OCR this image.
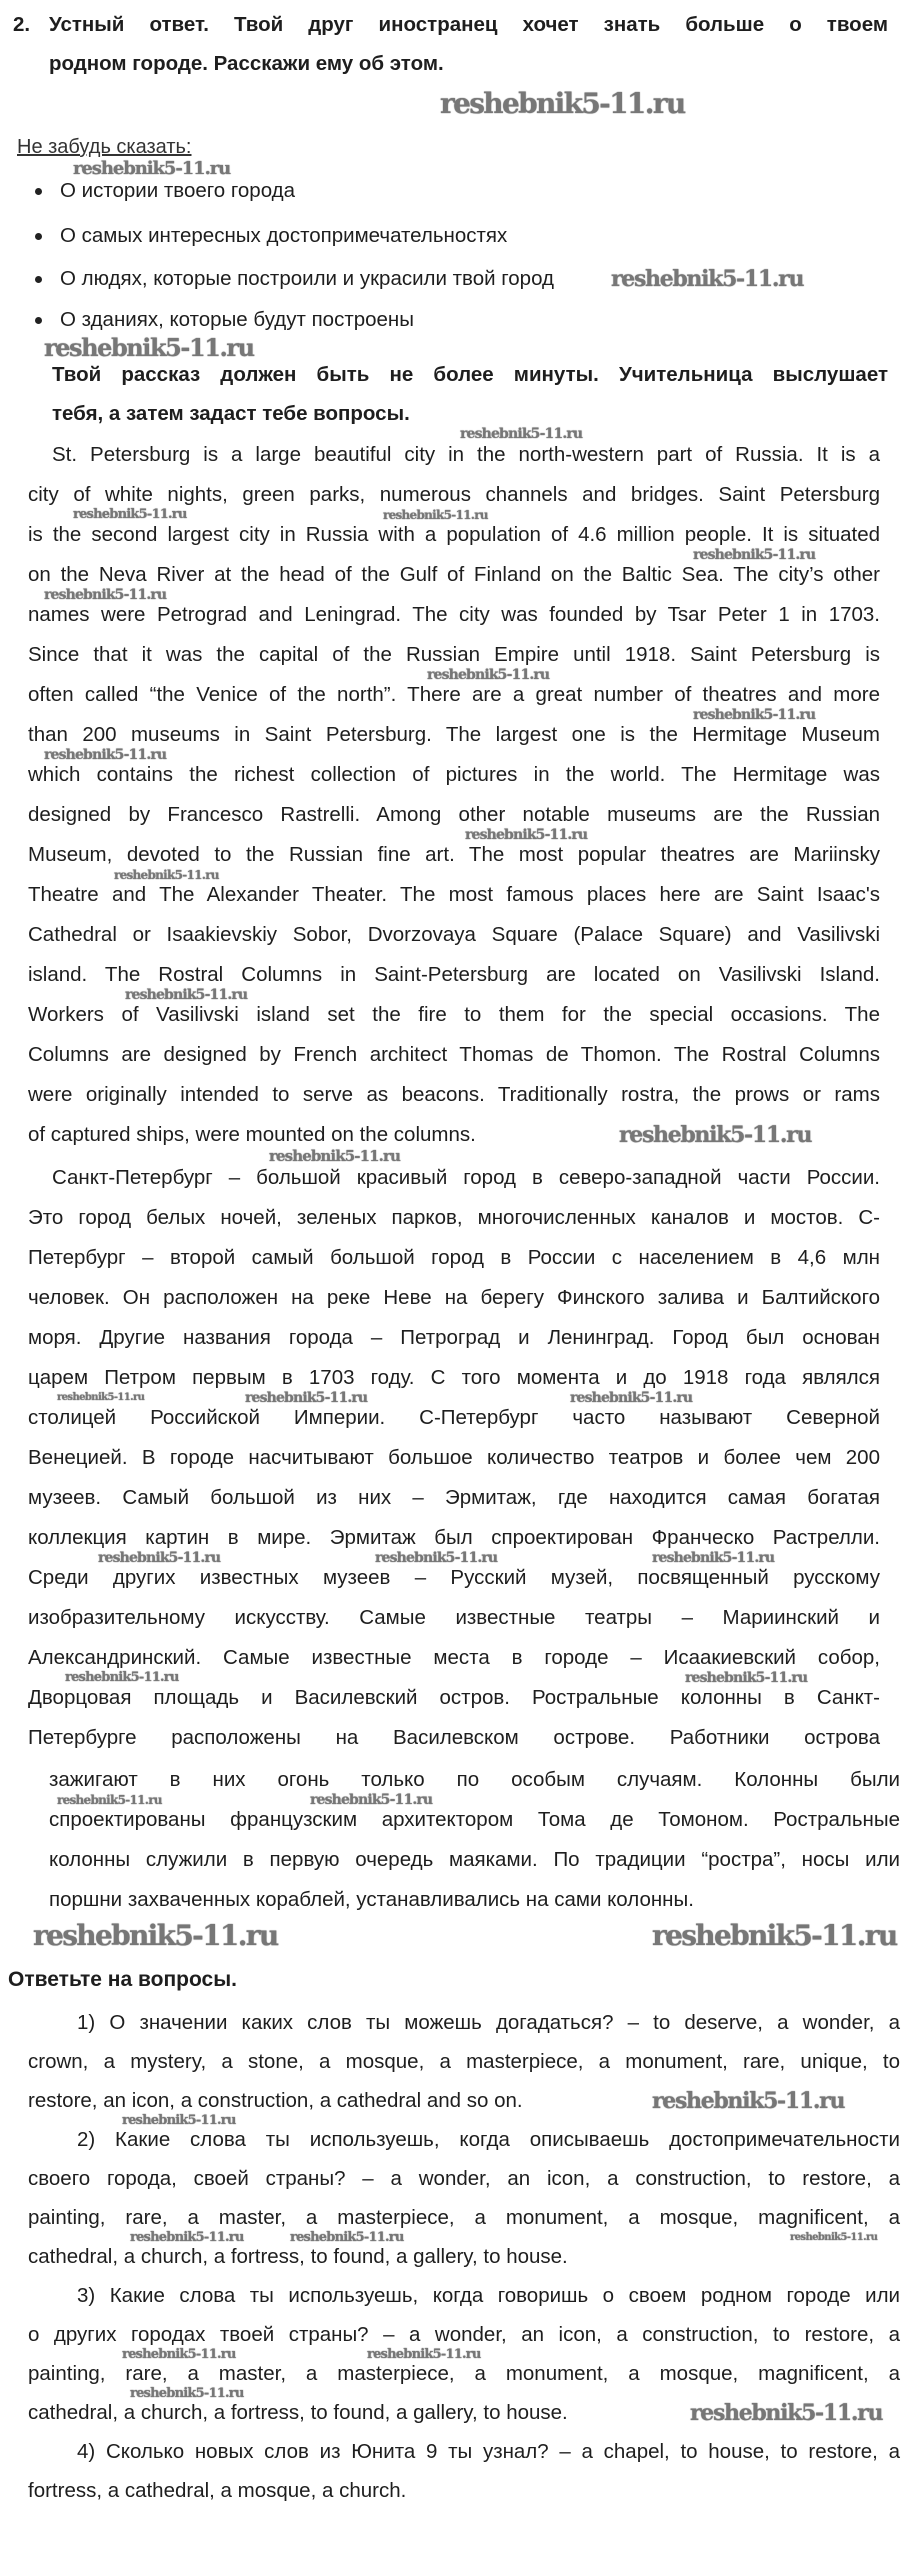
2.
Не забудь сказать:
Ответьте на вопросы.
Устный ответ. Твой друг иностранец хочет знать больше о твоем
родном городе. Расскажи ему об этом.
О истории твоего города
О самых интересных достопримечательностях
О людях, которые построили и украсили твой город
О зданиях, которые будут построены
Твой рассказ должен быть не более минуты. Учительница выслушает
тебя, а затем задаст тебе вопросы.
St. Petersburg is a large beautiful city in the north-western part of Russia. It is a
city of white nights, green parks, numerous channels and bridges. Saint Petersburg
is the second largest city in Russia with a population of 4.6 million people. It is situated
on the Neva River at the head of the Gulf of Finland on the Baltic Sea. The city’s other
names were Petrograd and Leningrad. The city was founded by Tsar Peter 1 in 1703.
Since that it was the capital of the Russian Empire until 1918. Saint Petersburg is
often called “the Venice of the north”. There are a great number of theatres and more
than 200 museums in Saint Petersburg. The largest one is the Hermitage Museum
which contains the richest collection of pictures in the world. The Hermitage was
designed by Francesco Rastrelli. Among other notable museums are the Russian
Museum, devoted to the Russian fine art. The most popular theatres are Mariinsky
Theatre and The Alexander Theater. The most famous places here are Saint Isaac's
Cathedral or Isaakievskiy Sobor, Dvorzovaya Square (Palace Square) and Vasilivski
island. The Rostral Columns in Saint-Petersburg are located on Vasilivski Island.
Workers of Vasilivski island set the fire to them for the special occasions. The
Columns are designed by French architect Thomas de Thomon. The Rostral Columns
were originally intended to serve as beacons. Traditionally rostra, the prows or rams
of captured ships, were mounted on the columns.
Санкт-Петербург – большой красивый город в северо-западной части России.
Это город белых ночей, зеленых парков, многочисленных каналов и мостов. С-
Петербург – второй самый большой город в России с населением в 4,6 млн
человек. Он расположен на реке Неве на берегу Финского залива и Балтийского
моря. Другие названия города – Петроград и Ленинград. Город был основан
царем Петром первым в 1703 году. С того момента и до 1918 года являлся
столицей Российской Империи. С-Петербург часто называют Северной
Венецией. В городе насчитывают большое количество театров и более чем 200
музеев. Самый большой из них – Эрмитаж, где находится самая богатая
коллекция картин в мире. Эрмитаж был спроектирован Франческо Растрелли.
Среди других известных музеев – Русский музей, посвященный русскому
изобразительному искусству. Самые известные театры – Мариинский и
Александринский. Самые известные места в городе – Исаакиевский собор,
Дворцовая площадь и Василевский остров. Ростральные колонны в Санкт-
Петербурге расположены на Василевском острове. Работники острова
зажигают в них огонь только по особым случаям. Колонны были
спроектированы французским архитектором Тома де Томоном. Ростральные
колонны служили в первую очередь маяками. По традиции “ростра”, носы или
поршни захваченных кораблей, устанавливались на сами колонны.
1) О значении каких слов ты можешь догадаться? – to deserve, a wonder, a
crown, a mystery, a stone, a mosque, a masterpiece, a monument, rare, unique, to
restore, an icon, a construction, a cathedral and so on.
2) Какие слова ты используешь, когда описываешь достопримечательности
своего города, своей страны? – a wonder, an icon, a construction, to restore, a
painting, rare, a master, a masterpiece, a monument, a mosque, magnificent, a
cathedral, a church, a fortress, to found, a gallery, to house.
3) Какие слова ты используешь, когда говоришь о своем родном городе или
о других городах твоей страны? – a wonder, an icon, a construction, to restore, a
painting, rare, a master, a masterpiece, a monument, a mosque, magnificent, a
cathedral, a church, a fortress, to found, a gallery, to house.
4) Сколько новых слов из Юнита 9 ты узнал? – a chapel, to house, to restore, a
fortress, a cathedral, a mosque, a church.
reshebnik5-11.ru
reshebnik5-11.ru
reshebnik5-11.ru
reshebnik5-11.ru
reshebnik5-11.ru
reshebnik5-11.ru	reshebnik5-11.ru
reshebnik5-11.ru
reshebnik5-11.ru
reshebnik5-11.ru
reshebnik5-11.ru
reshebnik5-11.ru
reshebnik5-11.ru
reshebnik5-11.ru
reshebnik5-11.ru
reshebnik5-11.ru
reshebnik5-11.ru
reshebnik5-11.ru	reshebnik5-11.ru	reshebnik5-11.ru
reshebnik5-11.ru	reshebnik5-11.ru	reshebnik5-11.ru
reshebnik5-11.ru	reshebnik5-11.ru
reshebnik5-11.ru	reshebnik5-11.ru
reshebnik5-11.ru	reshebnik5-11.ru
reshebnik5-11.ru
reshebnik5-11.ru
reshebnik5-11.ru	reshebnik5-11.ru	reshebnik5-11.ru
reshebnik5-11.ru	reshebnik5-11.ru
reshebnik5-11.ru
reshebnik5-11.ru
